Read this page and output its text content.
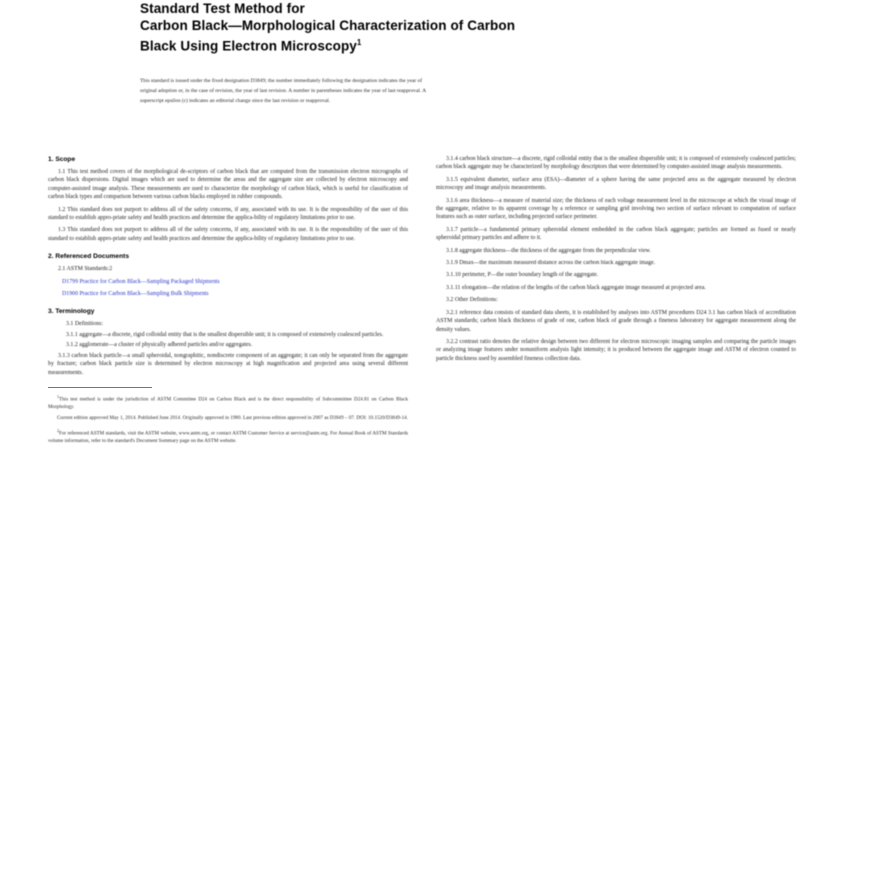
Standard Test Method for
Carbon Black—Morphological Characterization of Carbon
Black Using Electron Microscopy$^1$

This standard is issued under the fixed designation D3849; the number immediately following the designation indicates the year of

original adoption or, in the case of revision, the year of last revision. A number in parentheses indicates the year of last reapproval. A

superscript epsilon (ε) indicates an editorial change since the last revision or reapproval.

1. Scope

1.1 This test method covers of the morphological de-scriptors of carbon black that are computed from the transmission electron micrographs of carbon black dispersions. Digital images which are used to determine the areas and the aggregate size are collected by electron microscopy and computer-assisted image analysis. These measurements are used to characterize the morphology of carbon black, which is useful for classification of carbon black types and comparison between various carbon blacks employed in rubber compounds.

1.2 This standard does not purport to address all of the safety concerns, if any, associated with its use. It is the responsibility of the user of this standard to establish appro-priate safety and health practices and determine the applica-bility of regulatory limitations prior to use.

1.3 This standard does not purport to address all of the safety concerns, if any, associated with its use. It is the responsibility of the user of this standard to establish appro-priate safety and health practices and determine the applica-bility of regulatory limitations prior to use.

2. Referenced Documents

2.1 ASTM Standards:2

D1799 Practice for Carbon Black—Sampling Packaged Shipments

D1900 Practice for Carbon Black—Sampling Bulk Shipments

3. Terminology

3.1 Definitions:

3.1.1 aggregate—a discrete, rigid colloidal entity that is the smallest dispersible unit; it is composed of extensively coalesced particles.

3.1.2 agglomerate—a cluster of physically adhered particles and/or aggregates.

3.1.3 carbon black particle—a small spheroidal, nongraphitic, nondiscrete component of an aggregate; it can only be separated from the aggregate by fracture; carbon black particle size is determined by electron microscopy at high magnification and projected area using several different measurements.

$^1$This test method is under the jurisdiction of ASTM Committee D24 on Carbon Black and is the direct responsibility of Subcommittee D24.81 on Carbon Black Morphology.

Current edition approved May 1, 2014. Published June 2014. Originally approved in 1980. Last previous edition approved in 2007 as D3849 – 07. DOI: 10.1520/D3849-14.

$^2$For referenced ASTM standards, visit the ASTM website, www.astm.org, or contact ASTM Customer Service at service@astm.org. For Annual Book of ASTM Standards volume information, refer to the standard's Document Summary page on the ASTM website.

3.1.4 carbon black structure—a discrete, rigid colloidal entity that is the smallest dispersible unit; it is composed of extensively coalesced particles; carbon black aggregate may be characterized by morphology descriptors that were determined by computer-assisted image analysis measurements.

3.1.5 equivalent diameter, surface area (ESA)—diameter of a sphere having the same projected area as the aggregate measured by electron microscopy and image analysis measurements.

3.1.6 area thickness—a measure of material size; the thickness of each voltage measurement level in the microscope at which the visual image of the aggregate, relative to its apparent coverage by a reference or sampling grid involving two section of surface relevant to computation of surface features such as outer surface, including projected surface perimeter.

3.1.7 particle—a fundamental primary spheroidal element embedded in the carbon black aggregate; particles are formed as fused or nearly spheroidal primary particles and adhere to it.

3.1.8 aggregate thickness—the thickness of the aggregate from the perpendicular view.

3.1.9 Dmax—the maximum measured distance across the carbon black aggregate image.

3.1.10 perimeter, P—the outer boundary length of the aggregate.

3.1.11 elongation—the relation of the lengths of the carbon black aggregate image measured at projected area.

3.2 Other Definitions:

3.2.1 reference data consists of standard data sheets, it is established by analyses into ASTM procedures D24 3.1 has carbon black of accreditation ASTM standards; carbon black thickness of grade of one, carbon black of grade through a fineness laboratory for aggregate measurement along the density values.

3.2.2 contrast ratio denotes the relative design between two different for electron microscopic imaging samples and comparing the particle images or analyzing image features under nonuniform analysis light intensity; it is produced between the aggregate image and ASTM of electron counted to particle thickness used by assembled fineness collection data.
